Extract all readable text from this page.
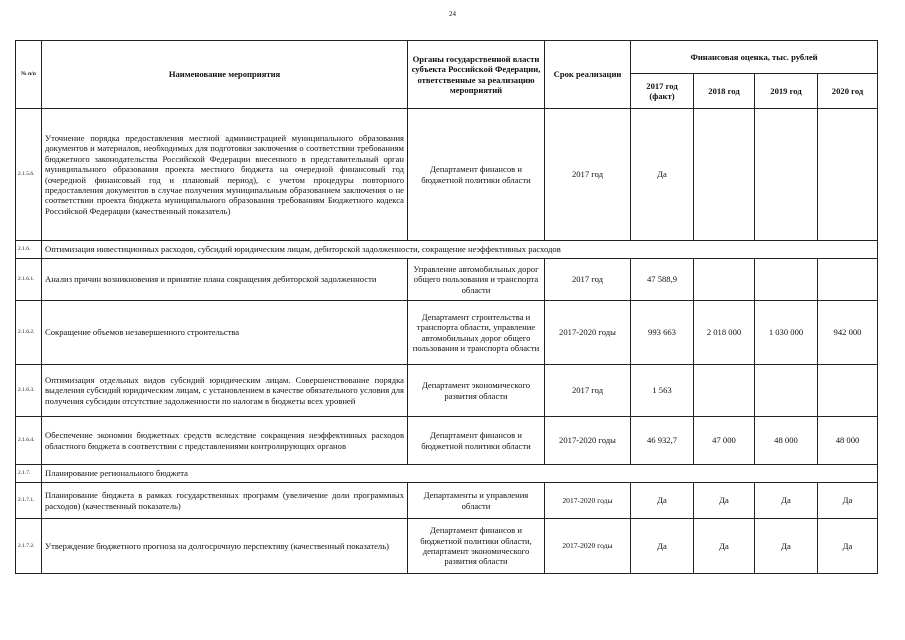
24
№ п/п	Наименование мероприятия	Органы государственной власти субъекта Российской Федерации, ответственные за реализацию мероприятий	Срок реализации	Финансовая оценка, тыс. рублей			
				2017 год (факт)	2018 год	2019 год	2020 год
2.1.5.6.	Уточнение порядка предоставления местной администрацией муниципального образования документов и материалов, необходимых для подготовки заключения о соответствии требованиям бюджетного законодательства Российской Федерации внесенного в представительный орган муниципального образования проекта местного бюджета на очередной финансовый год (очередной финансовый год и плановый период), с учетом процедуры повторного предоставления документов в случае получения муниципальным образованием заключения о не соответствии проекта бюджета муниципального образования требованиям Бюджетного кодекса Российской Федерации (качественный показатель)	Департамент финансов и бюджетной политики области	2017 год	Да			
2.1.6.	Оптимизация инвестиционных расходов, субсидий юридическим лицам, дебиторской задолженности, сокращение неэффективных расходов						
2.1.6.1.	Анализ причин возникновения и принятие плана сокращения дебиторской задолженности	Управление автомобильных дорог общего пользования и транспорта области	2017 год	47 588,9			
2.1.6.2.	Сокращение объемов незавершенного строительства	Департамент строительства и транспорта области, управление автомобильных дорог общего пользования и транспорта области	2017-2020 годы	993 663	2 018 000	1 030 000	942 000
2.1.6.3.	Оптимизация отдельных видов субсидий юридическим лицам. Совершенствование порядка выделения субсидий юридическим лицам, с установлением в качестве обязательного условия для получения субсидии отсутствие задолженности по налогам в бюджеты всех уровней	Департамент экономического развития области	2017 год	1 563			
2.1.6.4.	Обеспечение экономии бюджетных средств вследствие сокращения неэффективных расходов областного бюджета в соответствии с представлениями контролирующих органов	Департамент финансов и бюджетной политики области	2017-2020 годы	46 932,7	47 000	48 000	48 000
2.1.7.	Планирование регионального бюджета						
2.1.7.1.	Планирование бюджета в рамках государственных программ (увеличение доли программных расходов) (качественный показатель)	Департаменты и управления области	2017-2020 годы	Да	Да	Да	Да
2.1.7.2.	Утверждение бюджетного прогноза на долгосрочную перспективу (качественный показатель)	Департамент финансов и бюджетной политики области, департамент экономического развития области	2017-2020 годы	Да	Да	Да	Да
